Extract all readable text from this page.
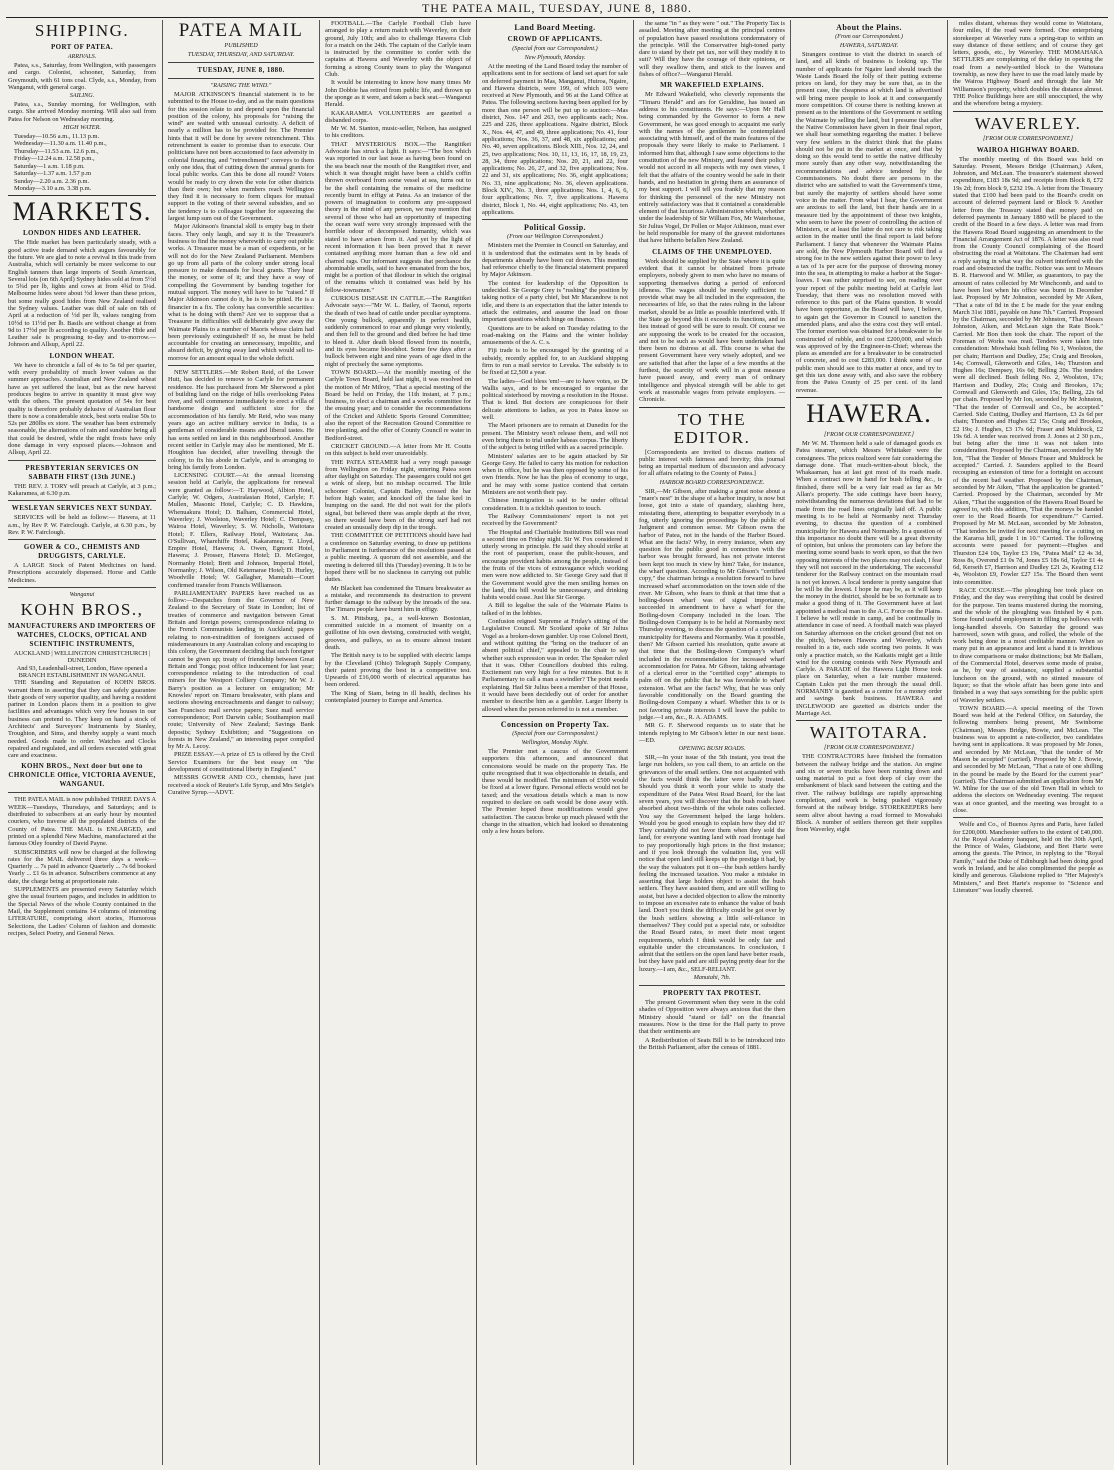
THE PATEA MAIL, TUESDAY, JUNE 8, 1880.
SHIPPING.
PORT OF PATEA.
ARRIVALS.

Patea, s.s., Saturday, from Wellington, with passengers and cargo. Colonist, schooner, Saturday, from Greymouth, with 61 tons coal. Clyde, s.s., Monday, from Wanganui, with general cargo.

SAILING.

Patea, s.s., Sunday morning, for Wellington, with cargo. She arrived Monday morning. Will also sail from Patea for Nelson on Wednesday morning.

HIGH WATER.
Tuesday—10.56 a.m., 11.13 p.m.
Wednesday—11.30 a.m. 11.40 p.m.,
Thursday—11.53 a.m. 12.6 p.m.,
Friday—12.24 a.m. 12.58 p.m.,
Saturday—1 a.m. 1.18 p.m.
Saturday—1.37 a.m. 1.57 p.m
Sunday—2.20 a.m. 2.36 p.m.
Monday—3.10 a.m. 3.38 p.m.
MARKETS.
LONDON HIDES AND LEATHER.

The Hide market has been particularly steady, with a good active trade demand which augurs favourably for the future. We are glad to note a revival in this trade from Australia, which will certainly be more welcome to our English tanners than large imports of South American, Several lots (on 6th April) Sydney hides sold at from 5½d to 5¾d per lb, lights and cows at from 4¾d to 5¼d. Melbourne hides were about ½d lower than these prices, but some really good hides from New Zealand realised the Sydney values. Leather was dull of sale on 6th of April at a reduction of ½d per lb, values ranging from 10½d to 11½d per lb. Basils are without change at from 9d to 17½d per lb according to quality. Another Hide and Leather sale is progressing to-day and to-morrow.—Johnson and Allsup, April 22.

LONDON WHEAT.

We have to chronicle a fall of 4s to 5s 6d per quarter, with every probability of much lower values as the summer approaches. Australian and New Zealand wheat have as yet suffered the least, but as the new harvest produces begins to arrive in quantity it must give way with the others. The present quotation of 54s for best quality is therefore probably delusive of Australian flour there is now a considerable stock, best sorts realise 50s to 52s per 280lbs ex store. The weather has been extremely seasonable, the alternations of rain and sunshine being all that could be desired, while the night frosts have only done damage in very exposed places.—Johnson and Allsup, April 22.

PRESBYTERIAN SERVICES ON SABBATH FIRST (13th JUNE.)

THE REV. J. TORY will preach at Carlyle, at 3 p.m.; Kakaramea, at 6.30 p.m.

WESLEYAN SERVICES NEXT SUNDAY.

SERVICES will be held as follow:— Hawera, at 11 a.m., by Rev P. W. Fairclough. Carlyle, at 6.30 p.m., by Rev. P. W. Fairclough.

GOWER & CO., CHEMISTS AND DRUGGISTS, CARLYLE.

A LARGE Stock of Patent Medicines on hand. Prescriptions accurately dispensed. Horse and Cattle Medicines.

Wanganui
KOHN BROS.,
MANUFACTURERS AND IMPORTERS OF WATCHES, CLOCKS, OPTICAL AND SCIENTIFIC INSTRUMENTS,
AUCKLAND | WELLINGTON CHRISTCHURCH | DUNEDIN
And 93, Leadenhall-street, London, Have opened a BRANCH ESTABLISHMENT IN WANGANUI.

THE Standing and Reputation of KOHN BROS. warrant them in asserting that they can safely guarantee their goods of very superior quality, and having a resident partner in London places them in a position to give facilities and advantages which very few houses in our business can pretend to. They keep on hand a stock of Architects' and Surveyors' Instruments by Stanley, Troughton, and Sims, and thereby supply a want much needed. Goods made to order. Watches and Clocks repaired and regulated, and all orders executed with great care and exactness.

KOHN BROS., Next door but one to CHRONICLE Office, VICTORIA AVENUE, WANGANUI.

THE PATEA MAIL is now published THREE DAYS A WEEK—Tuesdays, Thursdays, and Saturdays; and is distributed to subscribers at an early hour by mounted couriers, who traverse all the populated districts of the County of Patea. THE MAIL is ENLARGED, and printed on a splendid New Machine, manufactured at the famous Otley foundry of David Payne.

SUBSCRIBERS will now be charged at the following rates for the MAIL delivered three days a week:— Quarterly ... 7s paid in advance Quarterly ... 7s 6d booked Yearly ... £1 6s in advance. Subscribers commence at any date, the charge being at proportionate rate.

SUPPLEMENTS are presented every Saturday which give the usual fourteen pages, and includes in addition to the Special News of the whole County contained in the Mail, the Supplement contains 14 columns of interesting LITERATURE, comprising short stories, Humorous Selections, the Ladies' Column of fashion and domestic recipes, Select Poetry, and General News.

PATEA MAIL
PUBLISHED
TUESDAY, THURSDAY, AND SATURDAY.
TUESDAY, JUNE 8, 1880.
"RAISING THE WIND."

MAJOR ATKINSON'S financial statement is to be submitted to the House to-day, and as the main questions for this session relate to and depend upon the financial position of the colony, his proposals for "raising the wind" are waited with unusual curiosity. A deficit of nearly a million has to be provided for. The Premier hints that it will be done by severe retrenchment. This retrenchment is easier to promise than to execute. Our politicians have not been accustomed to face adversity in colonial financing, and "retrenchment" conveys to them only one idea, that of cutting down the annual grants for local public works. Can this be done all round? Voters would be ready to cry down the vote for other districts than their own; but when members reach Wellington they find it is necessary to form cliques for mutual support in the voting of their several subsidies, and so the tendency is to colleague together for squeezing the largest lump sum out of the Government.

Major Atkinson's financial skill is empty bag in their faces. They only laugh, and say it is the Treasurer's business to find the money wherewith to carry out public works. A Treasurer must be a man of expedients, or he will not do for the New Zealand Parliament. Members go up from all parts of the colony under strong local pressure to make demands for local grants. They hear the money, or some of it; and they have a way of compelling the Government by banding together for mutual support. The money will have to be "raised." If Major Atkinson cannot do it, he is to be pitied. He is a financier in a fix. The colony has convertible securities: what is he doing with them? Are we to suppose that a Treasurer in difficulties will deliberately give away the Waimate Plains to a number of Maoris whose claim had been previously extinguished? If so, he must be held accountable for creating an unnecessary, impolitic, and absurd deficit, by giving away land which would sell to-morrow for an amount equal to the whole deficit.

NEW SETTLERS.—Mr Robert Reid, of the Lower Hutt, has decided to remove to Carlyle for permanent residence. He has purchased from Mr Sherwood a plot of building land on the ridge of hills overlooking Patea river, and will commence immediately to erect a villa of handsome design and sufficient size for the accommodation of his family. Mr Reid, who was many years ago an active military service in India, is a gentleman of considerable means and liberal tastes. He has sons settled on land in this neighbourhood. Another recent settler in Carlyle may also be mentioned, Mr E. Houghton has decided, after travelling through the colony, to fix his abode in Carlyle, and is arranging to bring his family from London.

LICENSING COURT.—At the annual licensing session held at Carlyle, the applications for renewal were granted as follow:—T. Haywood, Albion Hotel, Carlyle; W. Odgers, Australasian Hotel, Carlyle; F. Mullen, Masonic Hotel, Carlyle; C. D. Hawkins, Whenuakura Hotel; D. Balham, Commercial Hotel, Waverley; J. Woolston, Waverley Hotel; C. Dempsey, Wairoa Hotel, Waverley; S. W. Nicholls, Waitotara Hotel; F. Ellers, Railway Hotel, Waitotara; Jas. O'Sullivan, Wharehiffe Hotel, Kakaramea; T. Lloyd, Empire Hotel, Hawera; A. Owen, Egmont Hotel, Hawera; J. Prosser, Hawera Hotel; D. McGregor, Normanby Hotel; Brett and Johnson, Imperial Hotel, Normanby; J. Wilson, Old Ketemarae Hotel; D. Hurley, Woodville Hotel; W. Gallagher, Manutahi—Court confirmed transfer from Francis Williamson.

PARLIAMENTARY PAPERS have reached us as follow:—Despatches from the Governor of New Zealand to the Secretary of State in London; list of treaties of commerce and navigation between Great Britain and foreign powers; correspondence relating to the French Communists landing in Auckland; papers relating to non-extradition of foreigners accused of misdemeanours in any Australian colony and escaping to this colony, the Government deciding that such foreigner cannot be given up; treaty of friendship between Great Britain and Tonga; post office inducement for last year; correspondence relating to the introduction of coal miners for the Westport Colliery Company; Mr W. J. Barry's position as a lecturer on emigration; Mr Knowles' report on Timaru breakwater, with plans and sections showing encroachments and danger to railway; San Francisco mail service papers; Suez mail service correspondence; Port Darwin cable; Southampton mail route; University of New Zealand; Savings Bank deposits; Sydney Exhibition; and "Suggestions on forests in New Zealand," an interesting paper compiled by Mr A. Lecoy.

PRIZE ESSAY.—A prize of £5 is offered by the Civil Service Examiners for the best essay on "the development of constitutional liberty in England."

MESSRS GOWER AND CO., chemists, have just received a stock of Reuter's Life Syrup, and Mrs Seigle's Curative Syrup.—ADVT.

FOOTBALL.—The Carlyle Football Club have arranged to play a return match with Waverley, on their ground, July 10th; and also to challenge Hawera Club for a match on the 24th. The captain of the Carlyle team is instructed by the committee to confer with the captains at Hawera and Waverley with the object of forming a strong County team to play the Wanganui Club.

It would be interesting to know how many times Mr John Dobbie has retired from public life, and thrown up the sponge as it were, and taken a back seat.—Wanganui Herald.

KAKARAMEA VOLUNTEERS are gazetted a disbanded corps.

Mr W. M. Stanton, music-seller, Nelson, has assigned to his creditors.

THAT MYSTERIOUS BOX.—The Rangitikei Advocate has struck a light. It says:—"The box which was reported in our last issue as having been found on the sea beach near the mouth of the Rangitikei river, and which it was thought might have been a child's coffin thrown overboard from some vessel at sea, turns out to be the shell containing the remains of the medicine recently burnt in effigy at Patea. As an instance of the powers of imagination to conform any pre-supposed theory in the mind of any person, we may mention that several of those who had an opportunity of inspecting the ocean waif were very strongly impressed with the horrible odour of decomposed humanity, which was stated to have arisen from it. And yet by the light of recent information it has been proved that it never contained anything more human than a few old and charred rags. Our informant suggests that perchance the abominable smells, said to have emanated from the box, might be a portion of that illodour in which the original of the remains which it contained was held by his fellow-townsmen."

CURIOUS DISEASE IN CATTLE.—The Rangitikei Advocate says:—"Mr W. L. Bailey, of Taonui, reports the death of two head of cattle under peculiar symptoms. One young bullock, apparently in perfect health, suddenly commenced to roar and plunge very violently, and then fell to the ground and died before he had time to bleed it. After death blood flowed from its nostrils, and its eyes became bloodshot. Some few days after a bullock between eight and nine years of age died in the night of precisely the same symptoms.

TOWN BOARD.—At the monthly meeting of the Carlyle Town Board, held last night, it was resolved on the motion of Mr Milroy, "That a special meeting of the Board be held on Friday, the 11th instant, at 7 p.m.; business, to elect a chairman and a works committee for the ensuing year; and to consider the recommendations of the Cricket and Athletic Sports Ground Committee; also the report of the Recreation Ground Committee re tree planting, and the offer of County Council re water in Bedford-street.

CRICKET GROUND.—A letter from Mr H. Coutts on this subject is held over unavoidably.

THE PATEA STEAMER had a very rough passage from Wellington on Friday night, entering Patea soon after daylight on Saturday. The passengers could not get a wink of sleep, but no mishap occurred. The little schooner Colonist, Captain Bailey, crossed the bar before high water, and knocked off the false keel in bumping on the sand. He did not wait for the pilot's signal, but believed there was ample depth at the river, so there would have been of the strong surf had not created an unusually deep dip in the trough.

THE COMMITTEE OF PETITIONS should have had a conference on Saturday evening, to draw up petitions to Parliament in furtherance of the resolutions passed at a public meeting. A quorum did not assemble, and the meeting is deferred till this (Tuesday) evening. It is to be hoped there will be no slackness in carrying out public duties.

Mr Blackett has condemned the Timaru breakwater as a mistake, and recommends its destruction to prevent further damage to the railway by the inroads of the sea. The Timaru people have burnt him in effigy.

S. M. Pittsburg, pa., a well-known Bostonian, committed suicide in a moment of insanity on a guillotine of his own devising, constructed with weight, grooves, and pulleys, so as to ensure almost instant death.

The British navy is to be supplied with electric lamps by the Cleveland (Ohio) Telegraph Supply Company, their patent proving the best in a competitive test. Upwards of £16,000 worth of electrical apparatus has been ordered.

The King of Siam, being in ill health, declines his contemplated journey to Europe and America.

Land Board Meeting.
CROWD OF APPLICANTS.
(Special from our Correspondent.)
New Plymouth, Monday.

At the meeting of the Land Board today the number of applications sent in for sections of land set apart for sale on deferred payment in Mas, Manganui, Huiroa, Ngaire, and Hawera districts, were 199, of which 103 were received at New Plymouth, and 96 at the Land Office at Patea. The following sections having been applied for by more than one person will be put up to auction:—Mas district, Nos. 147 and 263, two applicants each; Nos. 225 and 226, three applications. Ngaire district, Block X., Nos. 44, 47, and 49, three applications; No. 41, four applications; Nos. 36, 37, and 48, six applications; and No. 40, seven applications. Block XIII., Nos. 12, 24, and 25, two applications; Nos. 10, 11, 13, 16, 17, 18, 19, 23, 28, 34, three applications; Nos. 20, 21, and 22, four applications; No. 26, 27, and 32, five applications; Nos. 22 and 31, six applications; No. 36, eight applications; No. 33, nine applications; No. 36, eleven applications. Block XIV., No. 3, three applications; Nos. 1, 4, 6, 6, four applications; No. 7, five applications. Hawera district, Block 1, No. 44, eight applications; No. 43, ten applications.

Political Gossip.
(From our Wellington Correspondent.)

Ministers met the Premier in Council on Saturday, and it is understood that the estimates sent in by heads of departments already have been cut down. This meeting had reference chiefly to the financial statement prepared by Major Atkinson.

The contest for leadership of the Opposition is undecided. Sir George Grey is "rushing" the position by taking notice of a party chief, but Mr Macandrew is not idle, and there is an expectation that the latter intends to attack the estimates, and assume the lead on those important questions which hinge on finance.

Questions are to be asked on Tuesday relating to the road-making on the Plains and the winter holiday amusements of the A. C. s.

Fiji trade is to be encouraged by the granting of a subsidy, recently applied for, to an Auckland shipping firm to run a mail service to Levuka. The subsidy is to be fixed at £2,500 a year.

The ladies—God bless 'em!—are to have votes, so Dr Wallis says, and to be encouraged to organise the political sisterhood by moving a resolution in the House. That is kind. But doctors are conspicuous for their delicate attentions to ladies, as you in Patea know so well.

The Maori prisoners are to remain at Dunedin for the present. The Ministry won't release them, and will not even bring them to trial under habeas corpus. The liberty of the subject is being trifled with as a sacred principle.

Ministers' salaries are to be again attacked by Sir George Grey. He failed to carry his motion for reduction when in office, but he was then opposed by some of his own friends. Now he has the plea of economy to urge, and he may with some justice contend that certain Ministers are not worth their pay.

Chinese immigration is said to be under official consideration. It is a ticklish question to touch.

The Railway Commissioners' report is not yet received by the Government?

The Hospital and Charitable Institutions Bill was read a second time on Friday night. Sir W. Fox considered it utterly wrong in principle. He said they should strike at the root of pauperism, cease the public-houses, and encourage provident habits among the people, instead of the fruits of the vices of extravagance which working men were now addicted to. Sir George Grey said that if the Government would give the men smiling homes on the land, this bill would be unnecessary, and drinking habits would cease. Just like Sir George.

A Bill to legalise the sale of the Waimate Plains is talked of in the lobbies.

Confusion reigned Supreme at Friday's sitting of the Legislative Council. Mr Scotland spoke of Sir Julius Vogel as a broken-down gambler. Up rose Colonel Brett, and without quitting the "bring on the traducer of an absent political chief," appealed to the chair to say whether such expression was in order. The Speaker ruled that it was. Other Councillors doubted this ruling. Excitement ran very high for a few minutes. But is it Parliamentary to call a man a swindler? The point needs explaining. Had Sir Julius been a member of that House, it would have been decidedly out of order for another member to describe him as a gambler. Larger liberty is allowed when the person referred to is not a member.

Concession on Property Tax.
(Special from our Correspondent.)
Wellington, Monday Night.

The Premier met a caucus of the Government supporters this afternoon, and announced that concessions would be made on the property Tax. He quite recognised that it was objectionable in details, and these would be modified. The minimum of £500 would be fixed at a lower figure. Personal effects would not be taxed; and the vexatious details which a man is now required to declare on oath would be done away with. The Premier hoped these modifications would give satisfaction. The caucus broke up much pleased with the change in the situation, which had looked so threatening only a few hours before.

the same "in " as they were " out." The Property Tax is assailed. Meeting after meeting at the principal centres of population have passed resolutions condemnatory of the principle. Will the Conservative high-toned party dare to stand by their pet tax, nor will they modify it to suit? Will they have the courage of their opinions, or will they swallow them, and stick to the loaves and fishes of office?—Wanganui Herald.

MR WAKEFIELD EXPLAINS.

Mr Edward Wakefield, who cleverly represents the "Timaru Herald" and ars for Geraldine, has issued an address to his constituents. He says:—Upon Mr Hall being commanded by the Governor to form a new Government, he was good enough to acquaint me early with the names of the gentlemen he contemplated associating with himself, and of the main features of the proposals they were likely to make to Parliament. I informed him that, although I saw some objections to the constitution of the new Ministry, and feared their policy would not accord in all respects with my own views, I felt that the affairs of the country would be safe in their hands, and no hesitation in giving them an assurance of my best support. I will tell you frankly that my reason for thinking the personnel of the new Ministry not entirely satisfactory was that it contained a considerable element of that luxurious Administration which, whether under the leadership of Sir William Fox, Mr Waterhouse, Sir Julius Vogel, Dr Pollen or Major Atkinson, must ever be held responsible for many of the gravest misfortunes that have hitherto befallen New Zealand.

CLAIMS OF THE UNEMPLOYED.

Work should be supplied by the State where it is quite evident that it cannot be obtained from private employers, nobody given to men who have no means of supporting themselves during a period of enforced idleness. The wages should be merely sufficient to provide what may be all included in the expression, the necessaries of life, so that the rates ruling in the labour market, should be as little as possible interfered with. If the State go beyond this it exceeds its functions, and in lieu instead of good will be sure to result. Of course we are supposing the work to be created for the occasion, and not to be such as would have been undertaken had there been no distress at all. This course is what the present Government have very wisely adopted, and we are satisfied that after the lapse of a few months at the furthest, the scarcity of work will in a great measure have passed away, and every man of ordinary intelligence and physical strength will be able to get work at reasonable wages from private employers. —Chronicle.

TO THE EDITOR.

[Correspondents are invited to discuss matters of public interest with fairness and brevity; this journal being an impartial medium of discussion and advocacy for all affairs relating to the County of Patea.]

HARBOR BOARD CORRESPONDENCE.

SIR,—Mr Gibson, after making a great noise about a "mare's nest" in the shape of a harbor inquiry, is now but loose, got into a state of quandary, slashing here, misstating there, attempting to bespatter everybody in a fog, utterly ignoring the proceedings by the public of Judgment and common sense. Mr Gibson owns the harbor of Patea, not in the hands of the Harbor Board. What are the facts? Why, in every instance, when any question for the public good in connection with the harbor was brought forward, has not private interest been kept too much in view by him? Take, for instance, the wharf question. According to Mr Gibson's "certified copy," the chairman brings a resolution forward to have increased wharf accommodation on the town side of the river. Mr Gibson, who fears to think at that time that a boiling-down wharf was of signal importance, succeeded in amendment to have a wharf for the Boiling-down Company included in the loan. The Boiling-down Company is to be held at Normanby next Thursday evening, to discuss the question of a combined municipality for Hawera and Normanby. Was it possible, then? Mr Gibson carried his resolution, quite aware at that time that the Boiling-down Company's wharf included in the recommendation for increased wharf accommodation for Patea. Mr Gibson, taking advantage of a clerical error in the "certified copy" attempts to palm off on the public that he was favorable to wharf extension. What are the facts? Why, that he was only favorable conditionally on the Board granting the Boiling-down Company a wharf. Whether this is or is not favoring private interests I will leave the public to judge.—I am, &c., R. A. ADAMS.

MR G. F. Sherwood requests us to state that he intends replying to Mr Gibson's letter in our next issue.—ED.

OPENING BUSH ROADS.

SIR,—In your issue of the 5th instant, you treat the large run holders, so you call them, to an article on the grievances of the small settlers. One not acquainted with the facts would think the latter were badly treated. Should you think it worth your while to study the expenditure of the Patea West Road Board, for the last seven years, you will discover that the bush roads have absorbed about two-thirds of the whole rates collected. You say the Government helped the large holders. Would you be good enough to explain how they did it? They certainly did not favor them when they sold the land, for everyone wanting land with road frontage had to pay proportionally high prices in the first instance; and if you look through the valuation list, you will notice that open land still keeps up the prestige it had, by the way the valuators put it on—the bush settlers hardly feeling the increased taxation. You make a mistake in asserting that large holders object to assist the bush settlers. They have assisted them, and are still willing to assist, but have a decided objection to allow the minority to impose an excessive rate to enhance the value of bush land. Don't you think the difficulty could be got over by the bush settlers showing a little self-reliance in themselves? They could put a special rate, or subsidize the Road Board rates, to meet their most urgent requirements, which I think would be only fair and equitable under the circumstances. In conclusion, I admit that the settlers on the open land have better roads, but they have paid and are still paying pretty dear for the luxury.—I am, &c., SELF-RELIANT.

Manutahi, 7th.
PROPERTY TAX PROTEST.

The present Government when they were in the cold shades of Opposition were always anxious that the then Ministry should "stand or fall" on the financial measures. Now is the time for the Hall party to prove that their sentiments are

A Redistribution of Seats Bill is to be introduced into the British Parliament, after the census of 1881.

About the Plains.
(From our Correspondent.)
HAWERA, SATURDAY.

Strangers continue to visit the district in search of land, and all kinds of business is looking up. The number of applicants for Ngaire land should teach the Waste Lands Board the folly of their putting extreme prices on land, for they may be sure that, as in the present case, the cheapness at which land is advertised will bring more people to look at it and consequently more competition. Of course there is nothing known at present as to the intentions of the Government re settling the Waimate by selling the land, but I presume that after the Native Commission have given in their final report, we shall hear something regarding the matter. I believe very few settlers in the district think that the plains should not be put in the market at once, and that by doing so this would tend to settle the native difficulty more surely than any other way, notwithstanding the recommendations and advice tendered by the Commissioners. No doubt there are persons in the district who are satisfied to wait the Government's time, but surely the majority of settlers should have some voice in the matter. From what I hear, the Government are anxious to sell the land, but their hands are in a measure tied by the appointment of these two knights, who seem to have the power of controlling the action of Ministers, or at least the latter do not care to risk taking action in the matter until the final report is laid before Parliament. I fancy that whenever the Waimate Plains are sold, the New Plymouth Harbor Board will find a strong foe in the new settlers against their power to levy a tax of 1s per acre for the purpose of throwing money into the sea, in attempting to make a harbor at the Sugar-loaves. I was rather surprised to see, on reading over your report of the public meeting held at Carlyle last Tuesday, that there was no resolution moved with reference to this part of the Plains question. It would have been opportune, as the Board will have, I believe, to again get the Governor in Council to sanction the amended plans, and also the extra cost they will entail. The former exertion was obtained for a breakwater to be constructed of rubble, and to cost £200,000, and which was approved of by the Engineer-in-Chief; whereas the plans as amended are for a breakwater to be constructed of concrete, and to cost £283,000. I think some of our public men should see to this matter at once, and try to get this tax done away with, and also save the robbery from the Patea County of 25 per cent. of its land revenue.

HAWERA.
[FROM OUR CORRESPONDENT.]

Mr W. M. Thomson held a sale of damaged goods ex Patea steamer, which Messrs Whittaker were the consignees. The prices realized were fair considering the damage done. That much-written-about block, the Whakaaman, has at last got most of its roads made. When a contract now in hand for bush felling &c., is finished, there will be a very fair road as far as Mr Allan's property. The side cuttings have been heavy, notwithstanding the numerous deviations that had to be made from the road lines originally laid off. A public meeting is to be held at Normanby next Thursday evening, to discuss the question of a combined municipality for Hawera and Normanby. In a question of this importance no doubt there will be a great diversity of opinion, but unless the promoters can lay before the meeting some sound basis to work upon, so that the two opposing interests of the two places may not clash, I fear they will not succeed in the undertaking. The successful tenderer for the Railway contract on the mountain road is not yet known. A local tenderer is pretty sanguine that he will be the lowest. I hope he may be, as it will keep the money in the district, should he be so fortunate as to make a good thing of it. The Government have at last appointed a medical man to the A.C. Force on the Plains. I believe he will reside in camp, and be continually in attendance in case of need. A football match was played on Saturday afternoon on the cricket ground (but not on the pitch), between Hawera and Waverley, which resulted in a tie, each side scoring two points. It was only a practice match, so the Kaikatis might get a little wind for the coming contests with New Plymouth and Carlyle. A PARADE of the Hawera Light Horse took place on Saturday, when a fair number mustered. Captain Lukis put the men through the usual drill. NORMANBY is gazetted as a centre for a money order and savings bank business. HAWERA and INGLEWOOD are gazetted as districts under the Marriage Act.

WAITOTARA.
[FROM OUR CORRESPONDENT.]

THE CONTRACTORS have finished the formation between the railway bridge and the station. An engine and six or seven trucks have been running down and using material to put a foot deep of clay over the embankment of black sand between the cutting and the river. The railway buildings are rapidly approaching completion, and work is being pushed vigorously forward at the railway bridge. STOREKEEPERS here seem alive about having a road formed to Mowahaki Block. A number of settlers thereon get their supplies from Waverley, eight

miles distant, whereas they would come to Waitotara, four miles, if the road were formed. One enterprising storekeeper at Waverley runs a spring-trap to within an easy distance of these settlers; and of course they get letters, goods, etc., by Waverley. THE MOMAHAKA SETTLERS are complaining of the delay in opening the road from a newly-settled block to the Waitotara township, as now they have to use the road lately made by the Wairoa Highway Board and through the late Mr Williamson's property, which doubles the distance almost. THE Police Buildings here are still unoccupied, the why and the wherefore being a mystery.

WAVERLEY.
[FROM OUR CORRESPONDENT.]
WAIROA HIGHWAY BOARD.

The monthly meeting of this Board was held on Saturday. Present, Messrs Bridge (Chairman,) Aiken, Johnston, and McLean. The treasurer's statement showed expenditure, £183 18s 9d; and receipts from Block 8, £72 19s 2d; from block 9, £232 19s. A letter from the Treasury stated that £100 had been paid to the Board's credit on account of deferred payment land or Block 9. Another letter from the Treasury stated that money paid on deferred payments in January 1880 will be placed to the credit of the Board in a few days. A letter was read from the Hawera Road Board suggesting an amendment to the Financial Arrangement Act of 1876. A letter was also read from the County Council complaining of the Board obstructing the road at Waitotara. The Chairman had sent a reply saying in what way the culvert interfered with the road and obstructed the traffic. Notice was sent to Messrs B. R. Harwood and W. Miller, as guarantors, to pay the amount of rates collected by Mr Winchcomb, and said to have been lost when his office was burnt in December last. Proposed by Mr Johnston, seconded by Mr Aiken, "That a rate of 8d in the £ be made for the year ending March 31st 1881, payable on June 7th." Carried. Proposed by the Chairman, seconded by Mr Johnston, "That Messrs Johnston, Aiken, and McLean sign the Rate Book." Carried. Mr Bon then took the chair. The report of the Foreman of Works was read. Tenders were taken into consideration: Mowhaki bush felling No 1, Woolston, the per chain; Harrison and Dudley, 25s; Craig and Brookes, 14s; Cornwall, Glenworth and Giles, 14s; Thurston and Hughes 16s; Dempsey, 16s 6d; Belling 20s. The tenders were all declined. Bush felling No. 2, Woolston, 17s; Harrison and Dudley, 26s; Craig and Brookes, 17s; Cornwall and Glenworth and Giles, 15s; Belling, 22s 6d per chain. Proposed by Mr Ion, seconded by Mr Johnston, "That the tender of Cornwall and Co., be accepted." Carried. Side Cutting, Dudley and Harrison, £3 2s 6d per chain; Thurston and Hughes £2 15s; Craig and Brookes, £2 19s; J. Hughes, £3 17s 6d; Fraser and Muldrock, £2 19s 6d. A tender was received from J. Jones at 2 30 p.m., but being after the time it was not taken into consideration. Proposed by the Chairman, seconded by Mr Ion, "That the Tender of Messrs Fraser and Muldrock be accepted." Carried. J. Saunders applied to the Board recouping an extension of time for a fortnight on account of the recent bad weather. Proposed by the Chairman, seconded by Mr Aiken, "That the application be granted." Carried. Proposed by the Chairman, seconded by Mr Aiken, "That the suggestion of the Hawera Road Board be agreed to, with this addition, 'That the moneys be handed over to the Road Boards for expenditure.'" Carried. Proposed by Mr M. McLean, seconded by Mr Johnston, "That tenders be invited for next meeting for a cutting on the Kararoa hill, grade 1 in 10." Carried. The following accounts were passed for payment:—Hughes and Thurston £24 10s, Taylor £3 19s, "Patea Mail" £2 4s 3d, Ross 8s, Overend £1 0s 7d, Jones £5 18s 6d, Taylor £1 4s 6d, Kerseth £7, Harrison and Dudley £21 2s, Keating £12 4s, Woolston £9, Fowler £27 15s. The Board then went into committee.

RACE COURSE.—The ploughing bee took place on Friday, and the day was everything that could be desired for the purpose. Ten teams mustered during the morning, and the whole of the ploughing was finished by 4 p.m. Some found useful employment in filling up hollows with long-handled shovels. On Saturday the ground was harrowed, sown with grass, and rolled, the whole of the work being done in a most creditable manner. When so many put in an appearance and lent a hand it is invidious to draw comparisons or make distinctions; but Mr Ballam, of the Commercial Hotel, deserves some mode of praise, as he, by way of assistance, supplied a substantial luncheon on the ground, with no stinted measure of liquor; so that the whole affair has been gone into and finished in a way that says something for the public spirit of Waverley settlers.

TOWN BOARD.—A special meeting of the Town Board was held at the Federal Office, on Saturday, the following members being present, Mr Swinborne (Chairman), Messrs Bridge, Bowie, and McLean. The business was to appoint a rate-collector, two candidates having sent in applications. It was proposed by Mr Jones, and seconded by Mr McLean, "that the tender of Mr Mason be accepted" (carried). Proposed by Mr J. Bowie, and seconded by Mr McLean, "That a rate of one shilling in the pound be made by the Board for the current year" (carried). The Chairman submitted an application from Mr W. Milne for the use of the old Town Hall in which to address the electors on Wednesday evening. The request was at once granted, and the meeting was brought to a close.

Wolfe and Co., of Buenos Ayres and Paris, have failed for £200,000. Manchester suffers to the extent of £40,000. At the Royal Academy banquet, held on the 30th April, the Prince of Wales, Gladstone, and Bret Harte were among the guests. The Prince, in replying to the "Royal Family," said the Duke of Edinburgh had been doing good work in Ireland, and he also complimented the people as kindly and generous. Gladstone replied to "Her Majesty's Ministers," and Bret Harte's response to "Science and Literature" was loudly cheered.
